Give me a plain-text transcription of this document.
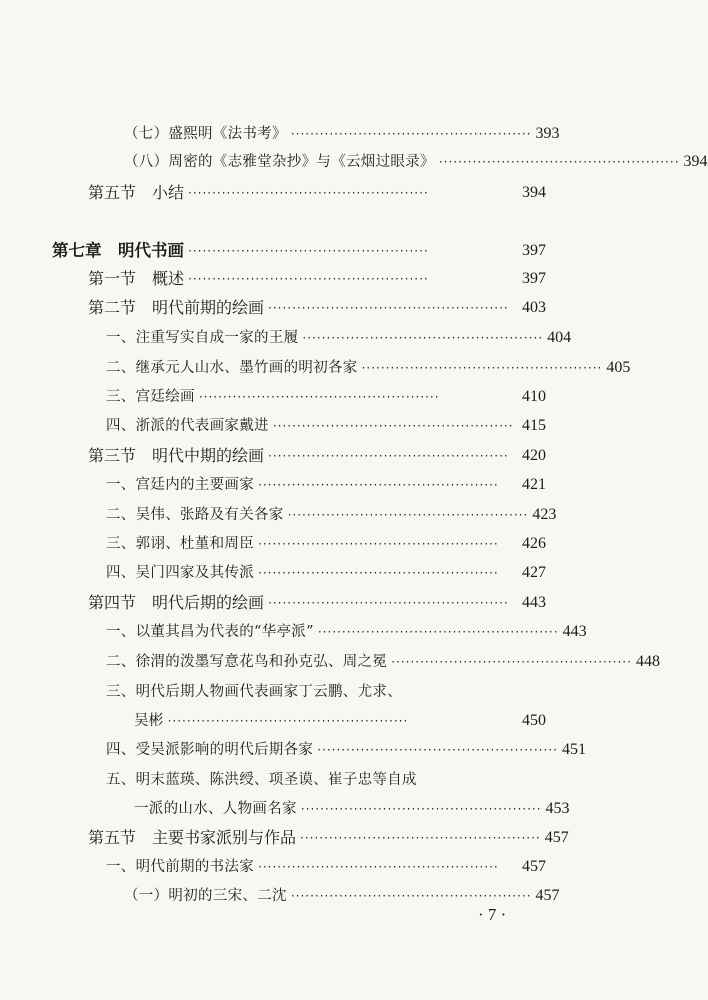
（七）盛熙明《法书考》 ·················································· 393
（八）周密的《志雅堂杂抄》与《云烟过眼录》 ·················································· 394
第五节　小结 ··················································	394
第七章　明代书画 ··················································	397
第一节　概述 ··················································	397
第二节　明代前期的绘画 ·················································· 403
一、注重写实自成一家的王履 ·················································· 404
二、继承元人山水、墨竹画的明初各家 ·················································· 405
三、宫廷绘画 ··················································	410
四、浙派的代表画家戴进 ·················································· 415
第三节　明代中期的绘画 ·················································· 420
一、宫廷内的主要画家 ··················································	421
二、吴伟、张路及有关各家 ·················································· 423
三、郭诩、杜堇和周臣 ··················································	426
四、吴门四家及其传派 ··················································	427
第四节　明代后期的绘画 ·················································· 443
一、以董其昌为代表的“华亭派” ·················································· 443
二、徐渭的泼墨写意花鸟和孙克弘、周之冕 ·················································· 448
三、明代后期人物画代表画家丁云鹏、尤求、
吴彬 ··················································	450
四、受吴派影响的明代后期各家 ·················································· 451
五、明末蓝瑛、陈洪绶、项圣谟、崔子忠等自成
一派的山水、人物画名家 ·················································· 453
第五节　主要书家派别与作品 ·················································· 457
一、明代前期的书法家 ··················································	457
（一）明初的三宋、二沈 ·················································· 457
· 7 ·
